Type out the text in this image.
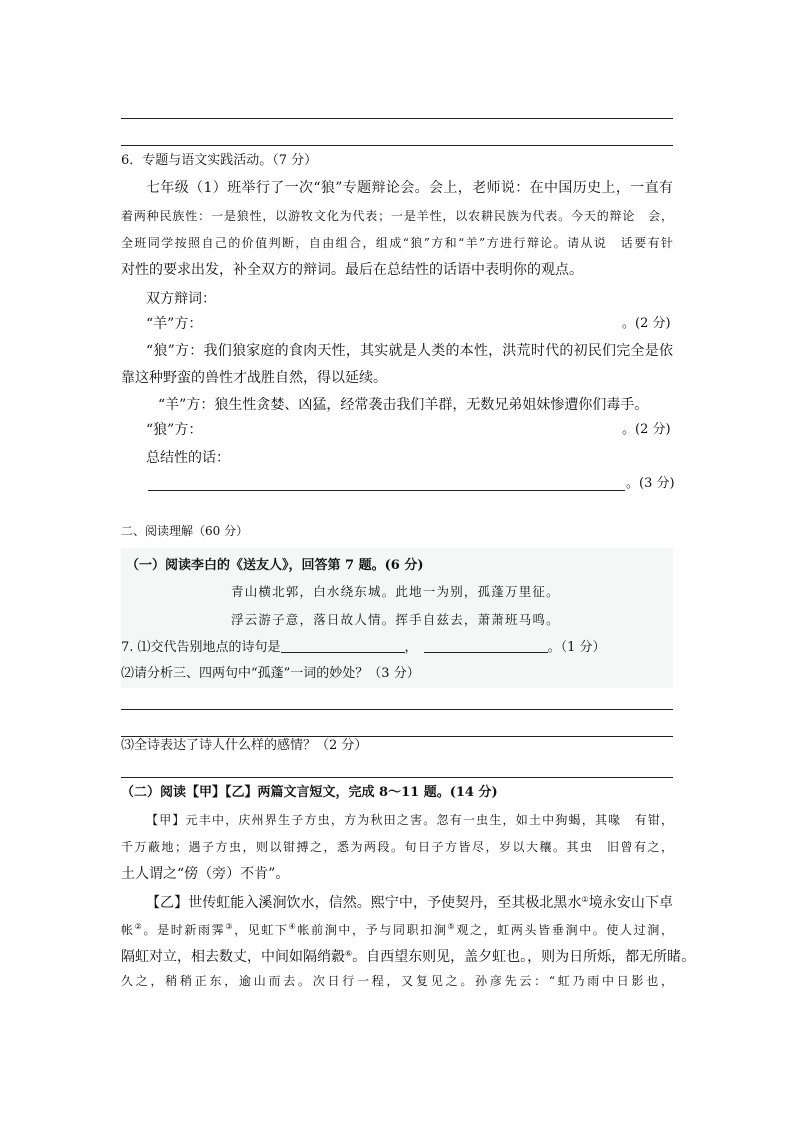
6．专题与语文实践活动。（7 分）
七年级（1）班举行了一次“狼”专题辩论会。会上，老师说：在中国历史上，一直有
着两种民族性：一是狼性，以游牧文化为代表；一是羊性，以农耕民族为代表。今天的辩论　会，
全班同学按照自己的价值判断，自由组合，组成“狼”方和“羊”方进行辩论。请从说　话要有针
对性的要求出发，补全双方的辩词。最后在总结性的话语中表明你的观点。
双方辩词：
“羊”方：	。(2 分)
“狼”方：我们狼家庭的食肉天性，其实就是人类的本性，洪荒时代的初民们完全是依
靠这种野蛮的兽性才战胜自然，得以延续。
“羊”方：狼生性贪婪、凶猛，经常袭击我们羊群，无数兄弟姐妹惨遭你们毒手。
“狼”方：	。(2 分)
总结性的话：
。(3 分)
二、阅读理解（60 分）
（一）阅读李白的《送友人》，回答第 7 题。(6 分)
青山横北郭，白水绕东城。此地一为别，孤蓬万里征。
浮云游子意，落日故人情。挥手自兹去，萧萧班马鸣。
7. ⑴交代告别地点的诗句是	，	。（1 分）
⑵请分析三、四两句中“孤蓬”一词的妙处？（3 分）
⑶全诗表达了诗人什么样的感情？（2 分）
（二）阅读【甲】【乙】两篇文言短文，完成 8～11 题。(14 分)
【甲】元丰中，庆州界生子方虫，方为秋田之害。忽有一虫生，如土中狗蝎，其喙　有钳，
千万蔽地；遇子方虫，则以钳搏之，悉为两段。旬日子方皆尽，岁以大穰。其虫　旧曾有之，
土人谓之“傍（旁）不肯”。
【乙】世传虹能入溪涧饮水，信然。熙宁中，予使契丹，至其极北黑水①境永安山下卓
帐②。是时新雨霁③，见虹下④帐前涧中，予与同职扣涧⑤观之，虹两头皆垂涧中。使人过涧，
隔虹对立，相去数丈，中间如隔绡縠⑥。自西望东则见，盖夕虹也。，则为日所烁，都无所睹。
久之，稍稍正东，逾山而去。次日行一程，又复见之。孙彦先云：“虹乃雨中日影也，
